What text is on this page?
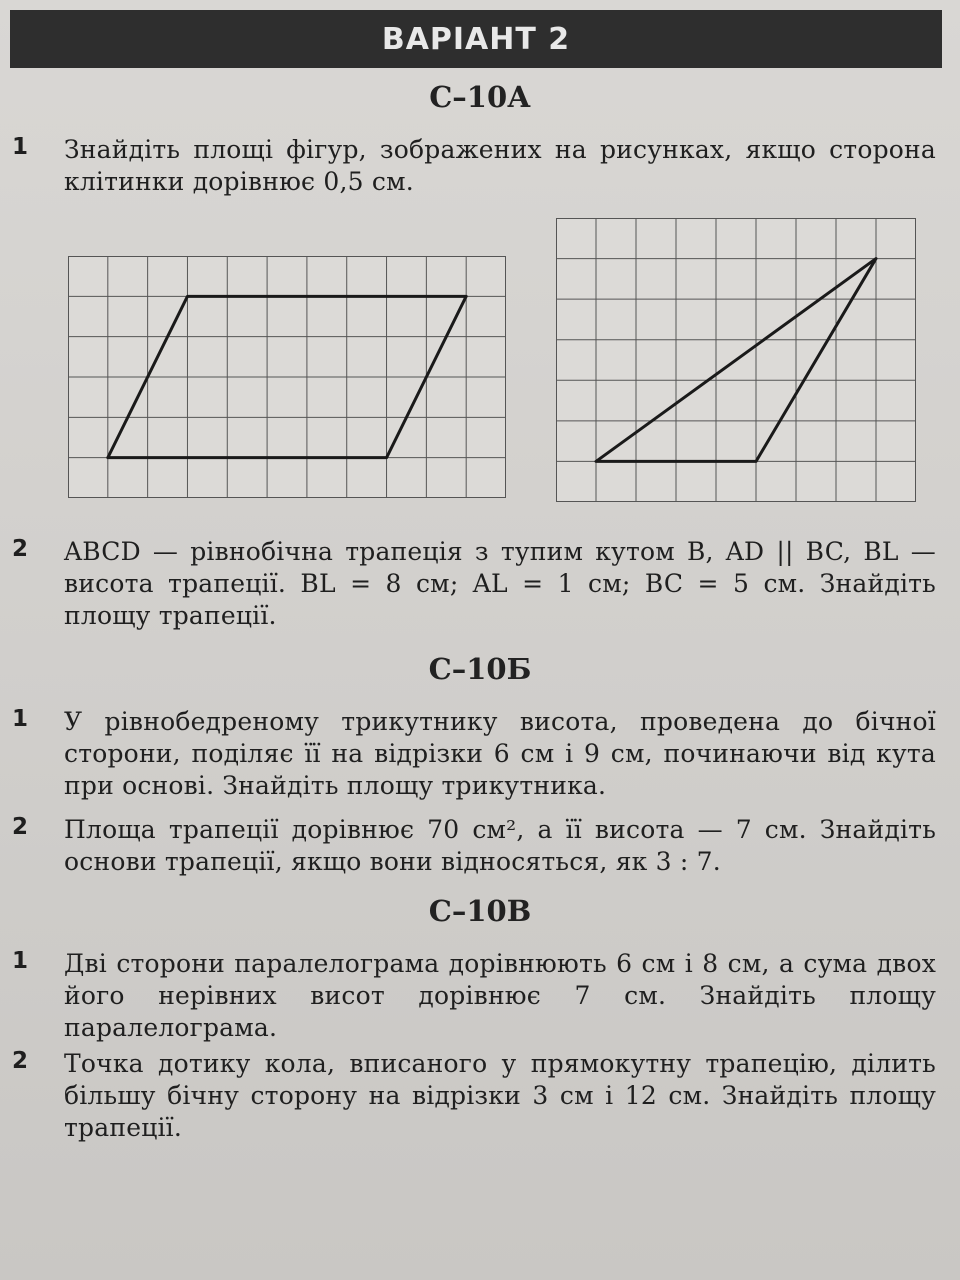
ВАРІАНТ 2
С–10А
1 Знайдіть площі фігур, зображених на рисунках, якщо сторона клітинки дорівнює 0,5 см.
2 ABCD — рівнобічна трапеція з тупим кутом B, AD || BC, BL — висота трапеції. BL = 8 см; AL = 1 см; BC = 5 см. Знайдіть площу трапеції.
С–10Б
1 У рівнобедреному трикутнику висота, проведена до бічної сторони, поділяє її на відрізки 6 см і 9 см, починаючи від кута при основі. Знайдіть площу трикутника.
2 Площа трапеції дорівнює 70 см², а її висота — 7 см. Знайдіть основи трапеції, якщо вони відносяться, як 3 : 7.
С–10В
1 Дві сторони паралелограма дорівнюють 6 см і 8 см, а сума двох його нерівних висот дорівнює 7 см. Знайдіть площу паралелограма.
2 Точка дотику кола, вписаного у прямокутну трапецію, ділить більшу бічну сторону на відрізки 3 см і 12 см. Знайдіть площу трапеції.
